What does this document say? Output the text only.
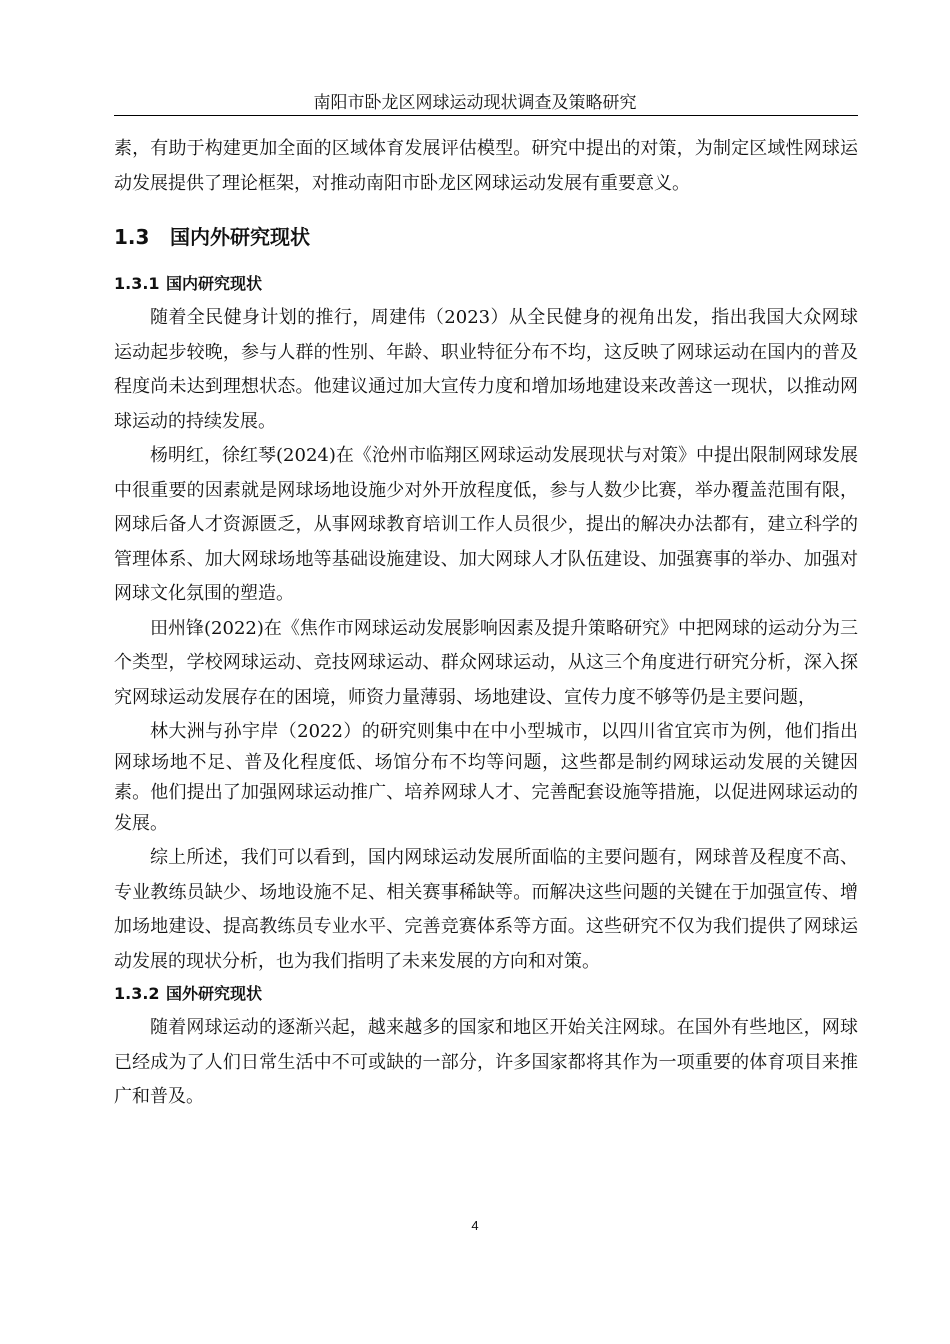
南阳市卧龙区网球运动现状调查及策略研究

素，有助于构建更加全面的区域体育发展评估模型。研究中提出的对策，为制定区域性网球运动发展提供了理论框架，对推动南阳市卧龙区网球运动发展有重要意义。

1.3 国内外研究现状
1.3.1 国内研究现状

随着全民健身计划的推行，周建伟（2023）从全民健身的视角出发，指出我国大众网球运动起步较晚，参与人群的性别、年龄、职业特征分布不均，这反映了网球运动在国内的普及程度尚未达到理想状态。他建议通过加大宣传力度和增加场地建设来改善这一现状，以推动网球运动的持续发展。

杨明红，徐红琴(2024)在《沧州市临翔区网球运动发展现状与对策》中提出限制网球发展中很重要的因素就是网球场地设施少对外开放程度低，参与人数少比赛，举办覆盖范围有限，网球后备人才资源匮乏，从事网球教育培训工作人员很少，提出的解决办法都有，建立科学的管理体系、加大网球场地等基础设施建设、加大网球人才队伍建设、加强赛事的举办、加强对网球文化氛围的塑造。

田州锋(2022)在《焦作市网球运动发展影响因素及提升策略研究》中把网球的运动分为三个类型，学校网球运动、竞技网球运动、群众网球运动，从这三个角度进行研究分析，深入探究网球运动发展存在的困境，师资力量薄弱、场地建设、宣传力度不够等仍是主要问题，

林大洲与孙宇岸（2022）的研究则集中在中小型城市，以四川省宜宾市为例，他们指出网球场地不足、普及化程度低、场馆分布不均等问题，这些都是制约网球运动发展的关键因素。他们提出了加强网球运动推广、培养网球人才、完善配套设施等措施，以促进网球运动的发展。

综上所述，我们可以看到，国内网球运动发展所面临的主要问题有，网球普及程度不高、专业教练员缺少、场地设施不足、相关赛事稀缺等。而解决这些问题的关键在于加强宣传、增加场地建设、提高教练员专业水平、完善竞赛体系等方面。这些研究不仅为我们提供了网球运动发展的现状分析，也为我们指明了未来发展的方向和对策。

1.3.2 国外研究现状

随着网球运动的逐渐兴起，越来越多的国家和地区开始关注网球。在国外有些地区，网球已经成为了人们日常生活中不可或缺的一部分，许多国家都将其作为一项重要的体育项目来推广和普及。

4
